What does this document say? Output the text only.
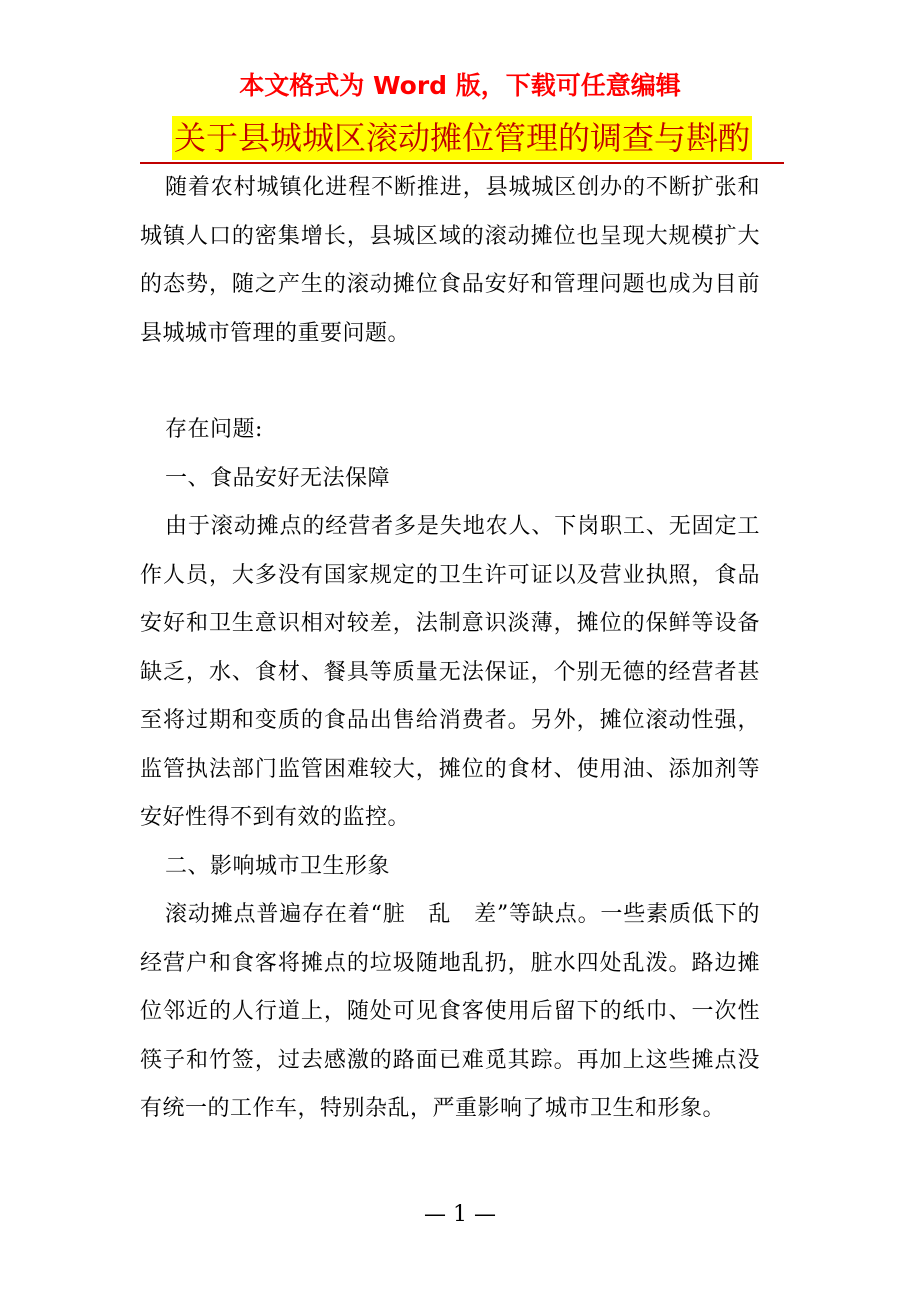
本文格式为 Word 版，下载可任意编辑
关于县城城区滚动摊位管理的调查与斟酌

随着农村城镇化进程不断推进，县城城区创办的不断扩张和城镇人口的密集增长，县城区域的滚动摊位也呈现大规模扩大的态势，随之产生的滚动摊位食品安好和管理问题也成为目前县城城市管理的重要问题。

存在问题:

一、食品安好无法保障

由于滚动摊点的经营者多是失地农人、下岗职工、无固定工作人员，大多没有国家规定的卫生许可证以及营业执照，食品安好和卫生意识相对较差，法制意识淡薄，摊位的保鲜等设备缺乏，水、食材、餐具等质量无法保证，个别无德的经营者甚至将过期和变质的食品出售给消费者。另外，摊位滚动性强，监管执法部门监管困难较大，摊位的食材、使用油、添加剂等安好性得不到有效的监控。

二、影响城市卫生形象

滚动摊点普遍存在着“脏　乱　差”等缺点。一些素质低下的经营户和食客将摊点的垃圾随地乱扔，脏水四处乱泼。路边摊位邻近的人行道上，随处可见食客使用后留下的纸巾、一次性筷子和竹签，过去感激的路面已难觅其踪。再加上这些摊点没有统一的工作车，特别杂乱，严重影响了城市卫生和形象。

— 1 —
